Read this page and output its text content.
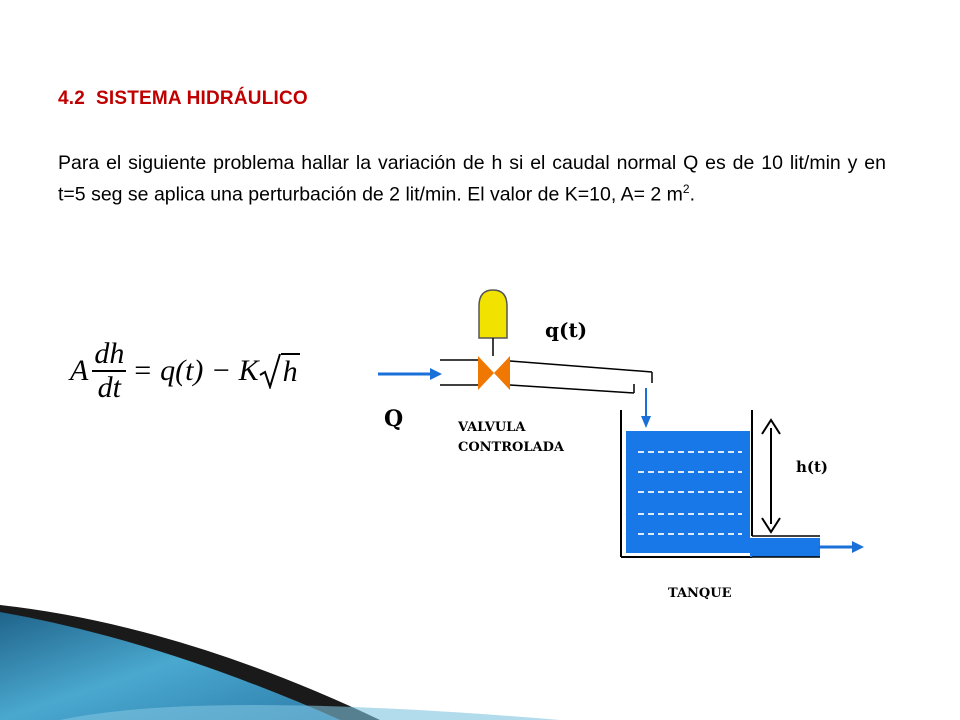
4.2 SISTEMA HIDRÁULICO
Para el siguiente problema hallar la variación de h si el caudal normal Q es de 10 lit/min y en t=5 seg se aplica una perturbación de 2 lit/min. El valor de K=10, A= 2 $m^2$.
A $\frac{dh}{dt} = q(t) - K$ h
q(t)
Q	VALVULA
CONTROLADA
h(t)
TANQUE
